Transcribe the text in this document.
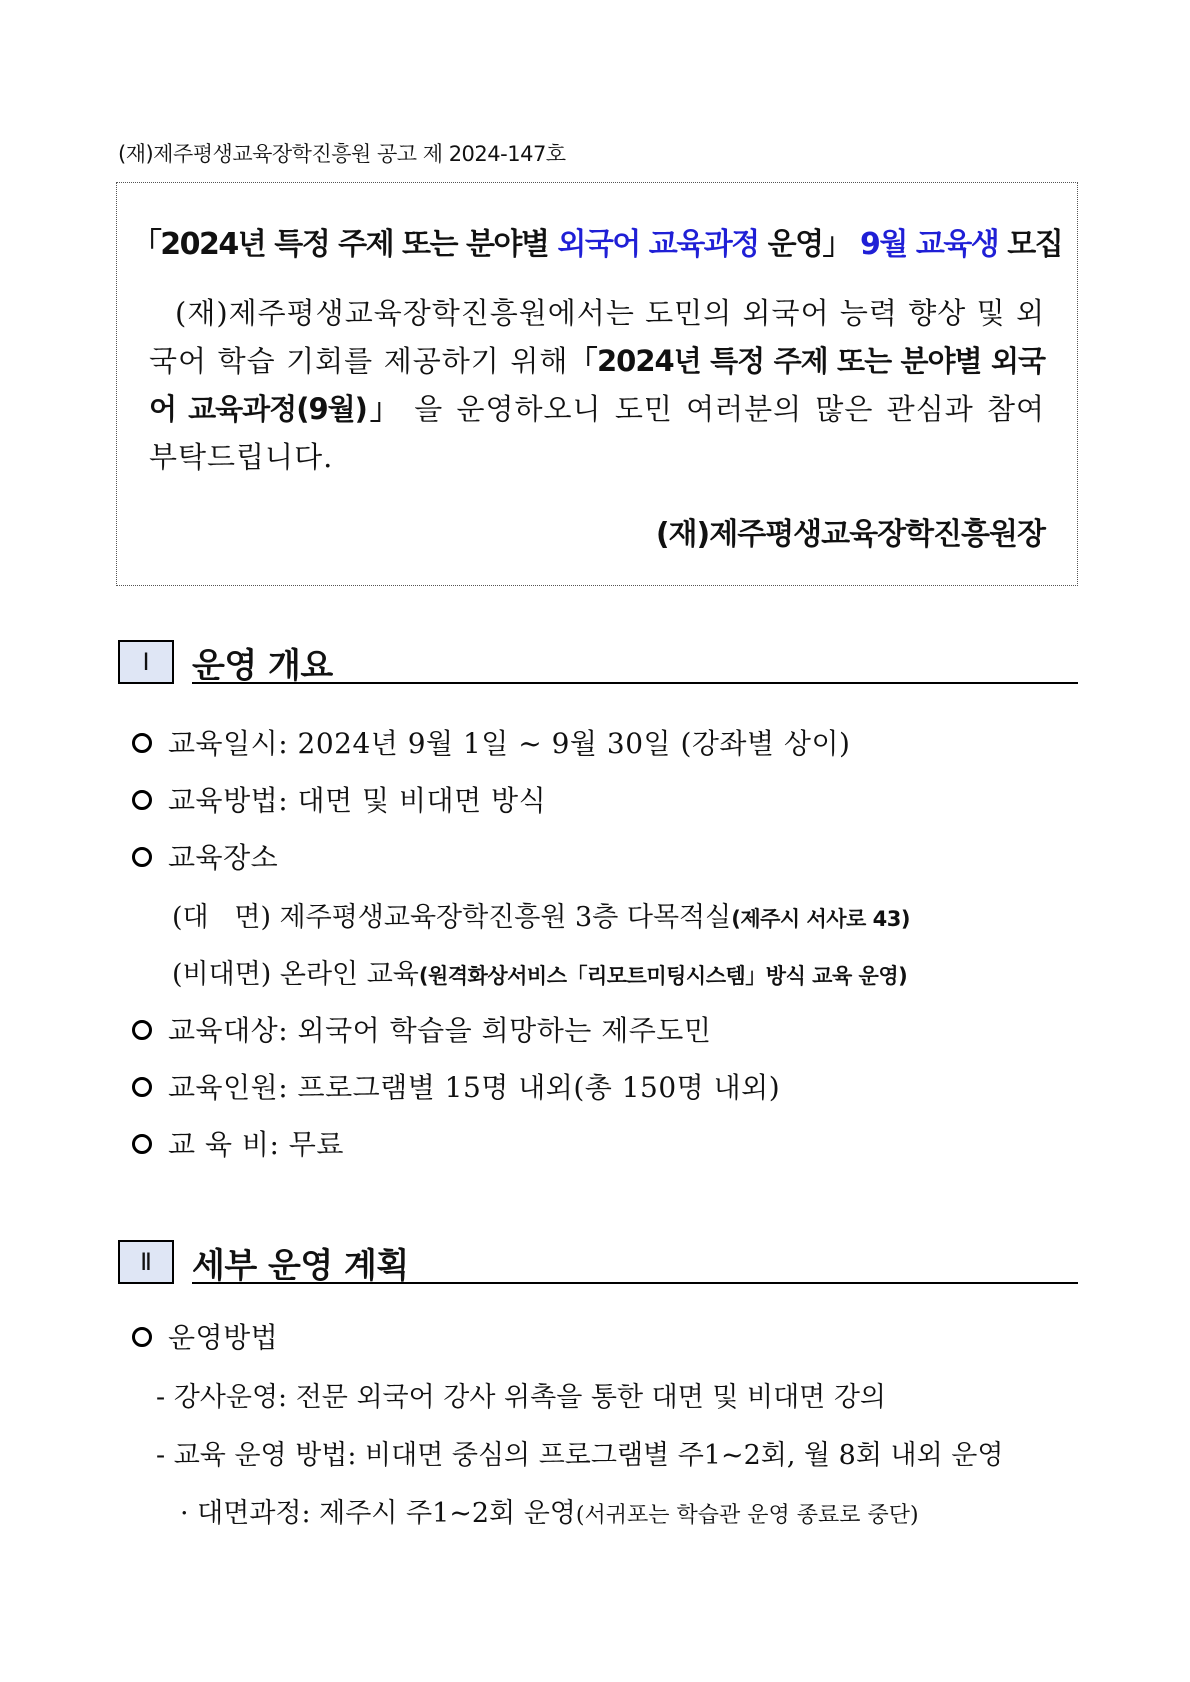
(재)제주평생교육장학진흥원 공고 제 2024-147호
「2024년 특정 주제 또는 분야별 외국어 교육과정 운영」 9월 교육생 모집
(재)제주평생교육장학진흥원에서는 도민의 외국어 능력 향상 및 외국어 학습 기회를 제공하기 위해「2024년 특정 주제 또는 분야별 외국어 교육과정(9월)」 을 운영하오니 도민 여러분의 많은 관심과 참여 부탁드립니다.
(재)제주평생교육장학진흥원장
Ⅰ	운영 개요
교육일시: 2024년 9월 1일 ~ 9월 30일 (강좌별 상이)
교육방법: 대면 및 비대면 방식
교육장소
(대   면) 제주평생교육장학진흥원 3층 다목적실(제주시 서사로 43)
(비대면) 온라인 교육(원격화상서비스「리모트미팅시스템」방식 교육 운영)
교육대상: 외국어 학습을 희망하는 제주도민
교육인원: 프로그램별 15명 내외(총 150명 내외)
교 육 비: 무료
Ⅱ	세부 운영 계획
운영방법
- 강사운영: 전문 외국어 강사 위촉을 통한 대면 및 비대면 강의
- 교육 운영 방법: 비대면 중심의 프로그램별 주1~2회, 월 8회 내외 운영
· 대면과정: 제주시 주1~2회 운영(서귀포는 학습관 운영 종료로 중단)
